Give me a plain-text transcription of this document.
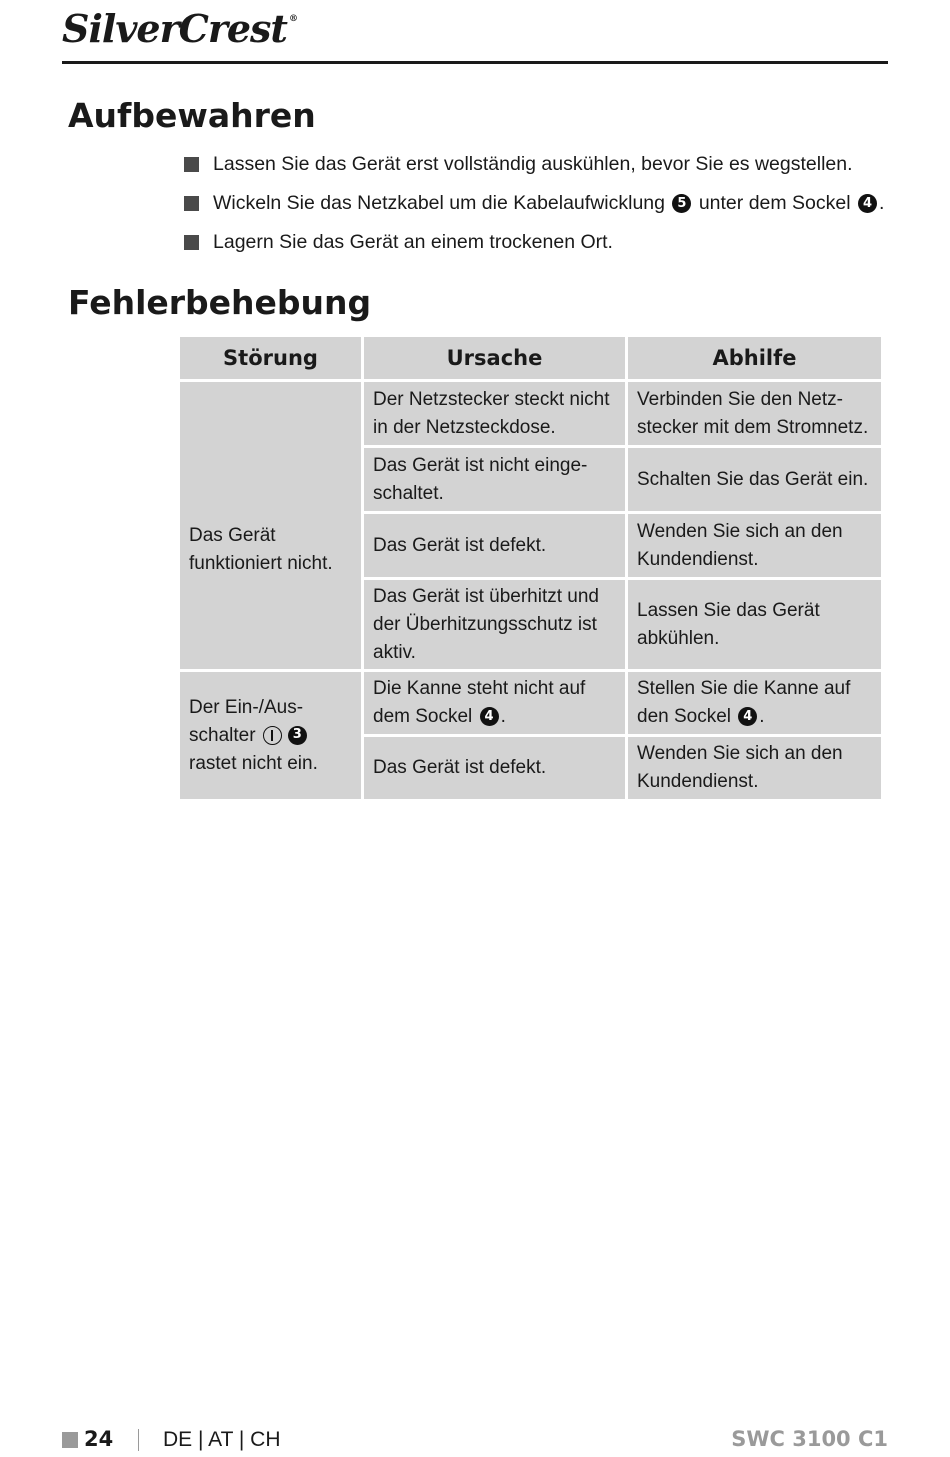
SilverCrest ®
Aufbewahren
Lassen Sie das Gerät erst vollständig auskühlen, bevor Sie es wegstellen.
Wickeln Sie das Netzkabel um die Kabelaufwicklung 5 unter dem Sockel 4 .
Lagern Sie das Gerät an einem trockenen Ort.
Fehlerbehebung
Störung	Ursache	Abhilfe
Das Gerät funktioniert nicht.	Der Netzstecker steckt nicht in der Netzsteckdose.	Verbinden Sie den Netz-stecker mit dem Stromnetz.
	Das Gerät ist nicht einge-schaltet.	Schalten Sie das Gerät ein.
	Das Gerät ist defekt.	Wenden Sie sich an den Kundendienst.
	Das Gerät ist überhitzt und der Überhitzungsschutz ist aktiv.	Lassen Sie das Gerät abkühlen.

Der Ein-/Aus-
schalter 3
rastet nicht ein.	Die Kanne steht nicht auf dem Sockel 4 .	Stellen Sie die Kanne auf den Sockel 4 .
	Das Gerät ist defekt.	Wenden Sie sich an den Kundendienst.
24 DE | AT | CH	SWC 3100 C1
